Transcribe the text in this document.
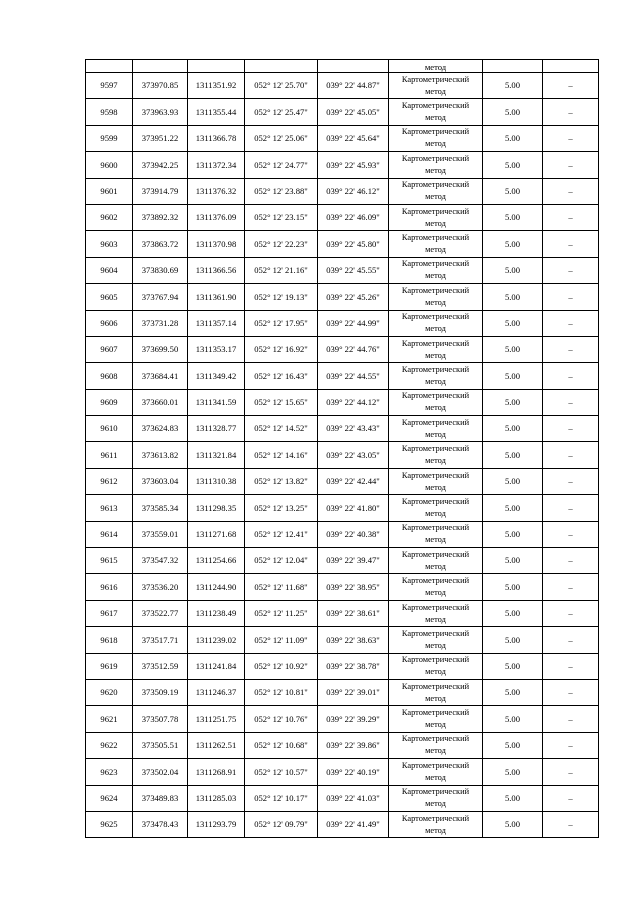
					метод		
9597	373970.85	1311351.92	052° 12' 25.70"	039° 22' 44.87"	Картометрический
метод	5.00	–
9598	373963.93	1311355.44	052° 12' 25.47"	039° 22' 45.05"	Картометрический
метод	5.00	–
9599	373951.22	1311366.78	052° 12' 25.06"	039° 22' 45.64"	Картометрический
метод	5.00	–
9600	373942.25	1311372.34	052° 12' 24.77"	039° 22' 45.93"	Картометрический
метод	5.00	–
9601	373914.79	1311376.32	052° 12' 23.88"	039° 22' 46.12"	Картометрический
метод	5.00	–
9602	373892.32	1311376.09	052° 12' 23.15"	039° 22' 46.09"	Картометрический
метод	5.00	–
9603	373863.72	1311370.98	052° 12' 22.23"	039° 22' 45.80"	Картометрический
метод	5.00	–
9604	373830.69	1311366.56	052° 12' 21.16"	039° 22' 45.55"	Картометрический
метод	5.00	–
9605	373767.94	1311361.90	052° 12' 19.13"	039° 22' 45.26"	Картометрический
метод	5.00	–
9606	373731.28	1311357.14	052° 12' 17.95"	039° 22' 44.99"	Картометрический
метод	5.00	–
9607	373699.50	1311353.17	052° 12' 16.92"	039° 22' 44.76"	Картометрический
метод	5.00	–
9608	373684.41	1311349.42	052° 12' 16.43"	039° 22' 44.55"	Картометрический
метод	5.00	–
9609	373660.01	1311341.59	052° 12' 15.65"	039° 22' 44.12"	Картометрический
метод	5.00	–
9610	373624.83	1311328.77	052° 12' 14.52"	039° 22' 43.43"	Картометрический
метод	5.00	–
9611	373613.82	1311321.84	052° 12' 14.16"	039° 22' 43.05"	Картометрический
метод	5.00	–
9612	373603.04	1311310.38	052° 12' 13.82"	039° 22' 42.44"	Картометрический
метод	5.00	–
9613	373585.34	1311298.35	052° 12' 13.25"	039° 22' 41.80"	Картометрический
метод	5.00	–
9614	373559.01	1311271.68	052° 12' 12.41"	039° 22' 40.38"	Картометрический
метод	5.00	–
9615	373547.32	1311254.66	052° 12' 12.04"	039° 22' 39.47"	Картометрический
метод	5.00	–
9616	373536.20	1311244.90	052° 12' 11.68"	039° 22' 38.95"	Картометрический
метод	5.00	–
9617	373522.77	1311238.49	052° 12' 11.25"	039° 22' 38.61"	Картометрический
метод	5.00	–
9618	373517.71	1311239.02	052° 12' 11.09"	039° 22' 38.63"	Картометрический
метод	5.00	–
9619	373512.59	1311241.84	052° 12' 10.92"	039° 22' 38.78"	Картометрический
метод	5.00	–
9620	373509.19	1311246.37	052° 12' 10.81"	039° 22' 39.01"	Картометрический
метод	5.00	–
9621	373507.78	1311251.75	052° 12' 10.76"	039° 22' 39.29"	Картометрический
метод	5.00	–
9622	373505.51	1311262.51	052° 12' 10.68"	039° 22' 39.86"	Картометрический
метод	5.00	–
9623	373502.04	1311268.91	052° 12' 10.57"	039° 22' 40.19"	Картометрический
метод	5.00	–
9624	373489.83	1311285.03	052° 12' 10.17"	039° 22' 41.03"	Картометрический
метод	5.00	–
9625	373478.43	1311293.79	052° 12' 09.79"	039° 22' 41.49"	Картометрический
метод	5.00	–
